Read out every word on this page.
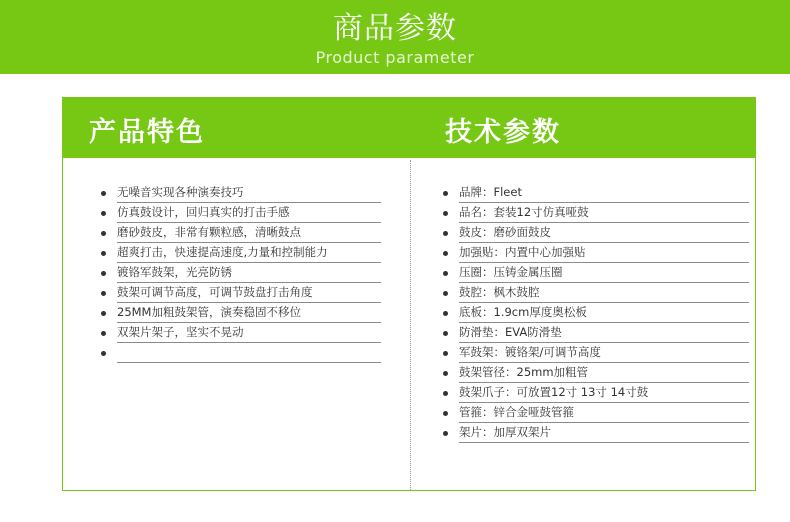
商品参数
Product parameter
产品特色	技术参数
无噪音实现各种演奏技巧
仿真鼓设计，回归真实的打击手感
磨砂鼓皮，非常有颗粒感，清晰鼓点
超爽打击，快速提高速度,力量和控制能力
镀铬军鼓架，光亮防锈
鼓架可调节高度，可调节鼓盘打击角度
25MM加粗鼓架管，演奏稳固不移位
双架片架子，坚实不晃动
品牌：Fleet
品名：套装12寸仿真哑鼓
鼓皮：磨砂面鼓皮
加强贴：内置中心加强贴
压圈：压铸金属压圈
鼓腔：枫木鼓腔
底板：1.9cm厚度奥松板
防滑垫：EVA防滑垫
军鼓架：镀铬架/可调节高度
鼓架管径：25mm加粗管
鼓架爪子：可放置12寸 13寸 14寸鼓
管箍：锌合金哑鼓管箍
架片：加厚双架片
